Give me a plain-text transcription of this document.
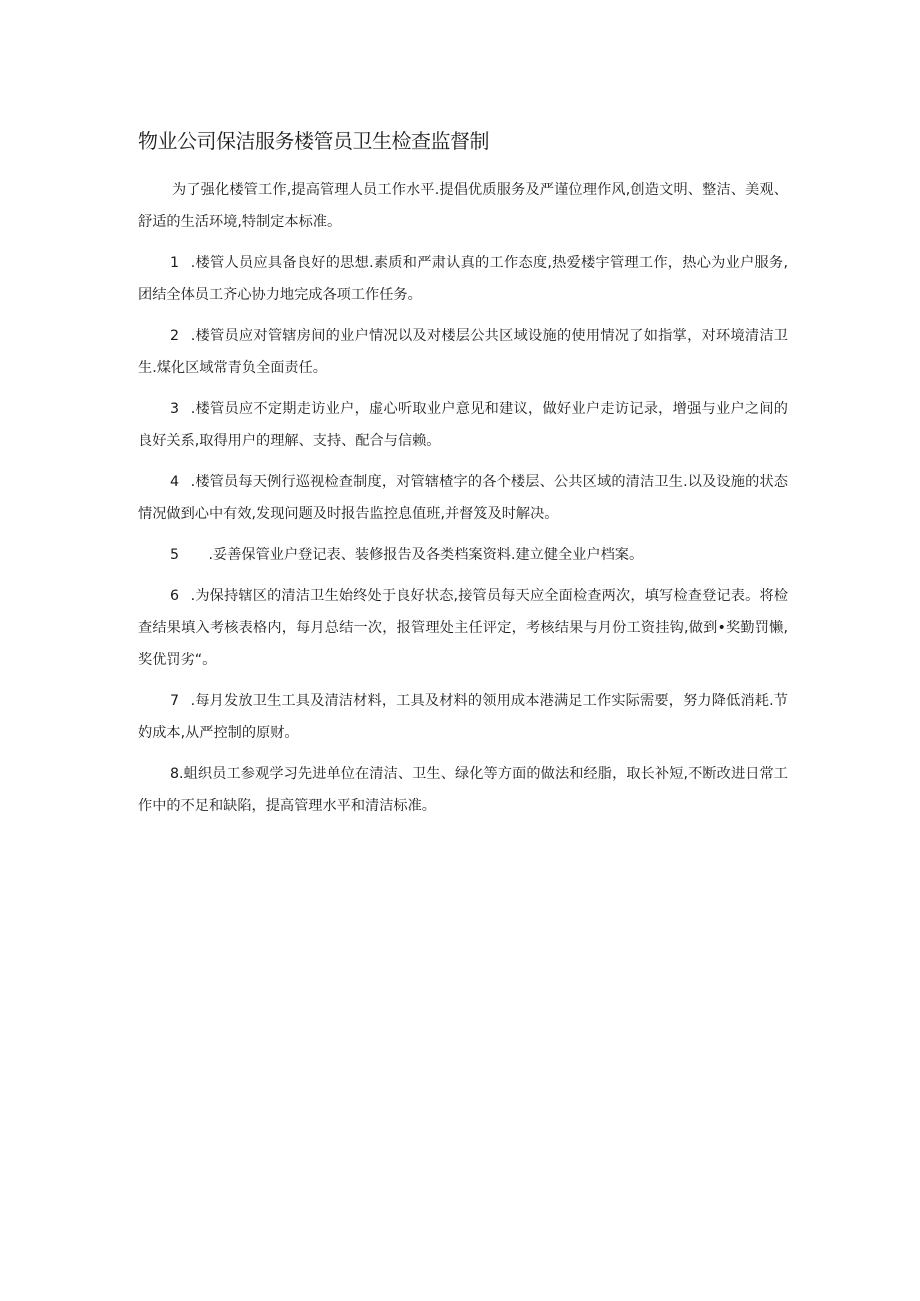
物业公司保洁服务楼管员卫生检查监督制

为了强化楼管工作,提高管理人员工作水平.提倡优质服务及严谨位理作风,创造文明、整洁、美观、舒适的生活环境,特制定本标准。

1 .楼管人员应具备良好的思想.素质和严肃认真的工作态度,热爱楼宇管理工作，热心为业户服务,团结全体员工齐心协力地完成各项工作任务。

2 .楼管员应对管辖房间的业户情况以及对楼层公共区域设施的使用情况了如指掌，对环境清洁卫生.煤化区域常青负全面责任。

3 .楼管员应不定期走访业户，虚心听取业户意见和建议，做好业户走访记录，增强与业户之间的良好关系,取得用户的理解、支持、配合与信赖。

4 .楼管员每天例行巡视检查制度，对管辖楂字的各个楼层、公共区域的清洁卫生.以及设施的状态情况做到心中有效,发现问题及时报告监控息值班,并督笈及时解决。

5 .妥善保管业户登记表、装修报告及各类档案资料.建立健全业户档案。

6 .为保持辖区的清洁卫生始终处于良好状态,接管员每天应全面检查两次，填写检查登记表。将检查结果填入考核表格内，每月总结一次，报管理处主任评定，考核结果与月份工资挂钩,做到•奖勤罚懒,奖优罚劣“。

7 .每月发放卫生工具及清洁材料，工具及材料的领用成本港满足工作实际需要，努力降低消耗.节妁成本,从严控制的原财。

8.蛆织员工参观学习先进单位在清洁、卫生、绿化等方面的做法和经脂，取长补短,不断改进日常工作中的不足和缺陷，提高管理水平和清洁标准。
